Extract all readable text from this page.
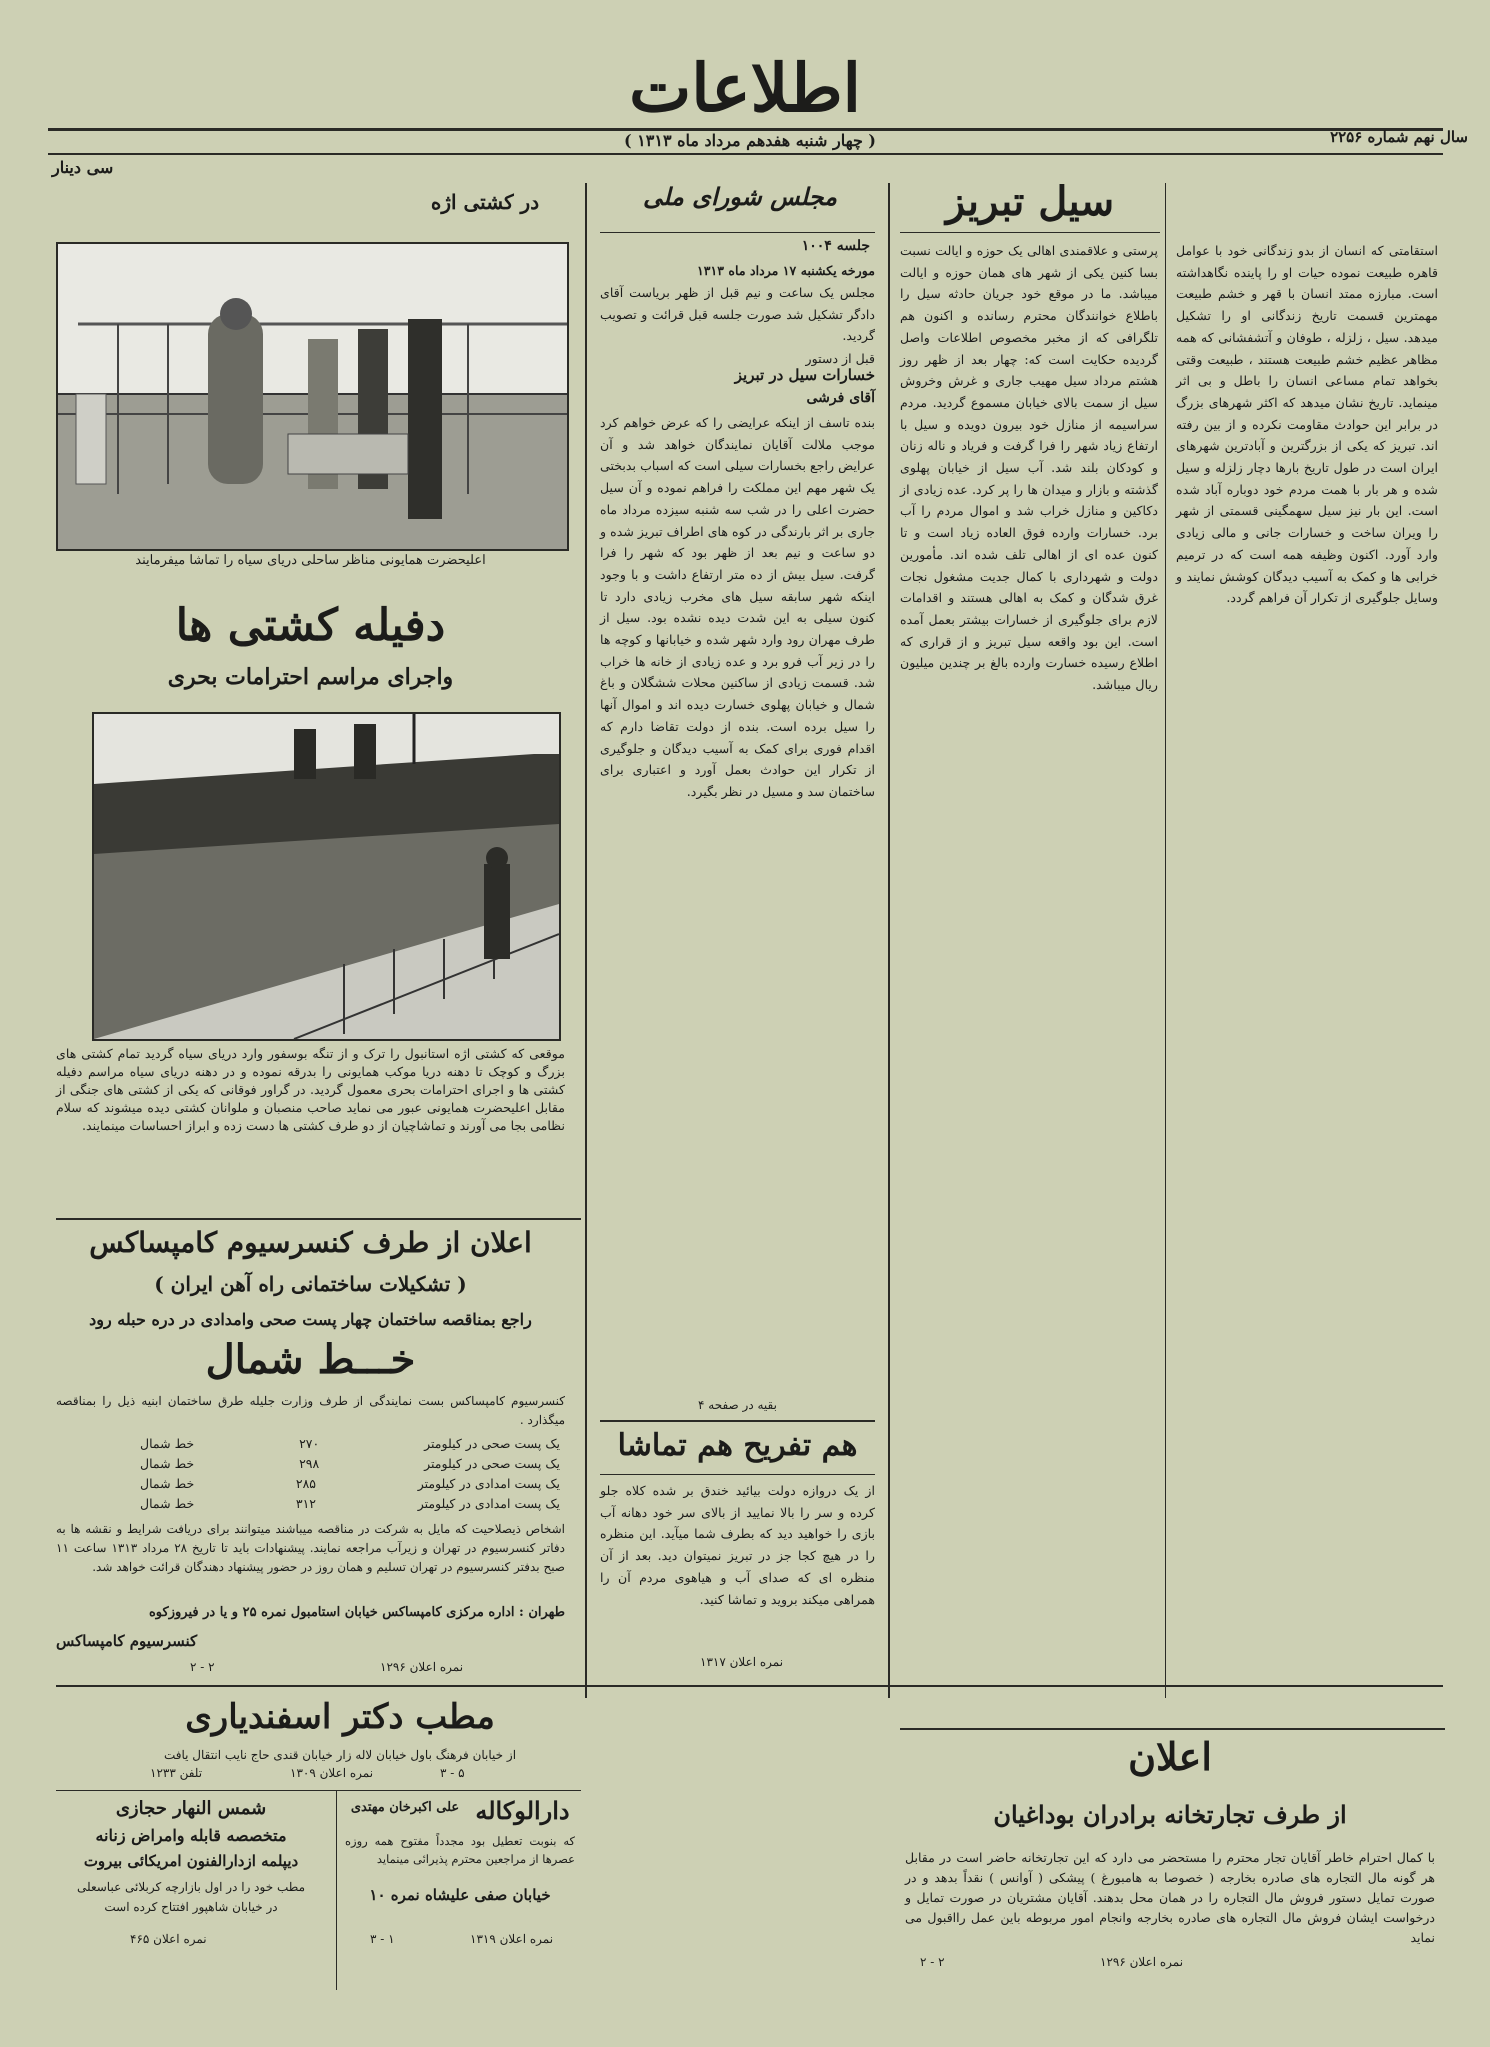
اطلاعات
( چهار شنبه هفدهم مرداد ماه ۱۳۱۳ )	سال نهم شماره ۲۲۵۶
سی دینار
در کشتی اژه
اعلیحضرت همایونی مناظر ساحلی دریای سیاه را تماشا میفرمایند
دفیله کشتی ها
واجرای مراسم احترامات بحری
موقعی که کشتی اژه استانبول را ترک و از تنگه بوسفور وارد دریای سیاه گردید تمام کشتی های بزرگ و کوچک تا دهنه دریا موکب همایونی را بدرقه نموده و در دهنه دریای سیاه مراسم دفیله کشتی ها و اجرای احترامات بحری معمول گردید. در گراور فوقانی که یکی از کشتی های جنگی از مقابل اعلیحضرت همایونی عبور می نماید صاحب منصبان و ملوانان کشتی دیده میشوند که سلام نظامی بجا می آورند و تماشاچیان از دو طرف کشتی ها دست زده و ابراز احساسات مینمایند.
اعلان از طرف کنسرسیوم کامپساکس
( تشکیلات ساختمانی راه آهن ایران )
راجع بمناقصه ساختمان چهار پست صحی وامدادی در دره حبله رود
خـــط شمال
کنسرسیوم کامپساکس بست نمایندگی از طرف وزارت جلیله طرق ساختمان ابنیه ذیل را بمناقصه میگذارد .
یک پست صحی در کیلومتر
۲۷۰
خط شمال
یک پست صحی در کیلومتر
۲۹۸
خط شمال
یک پست امدادی در کیلومتر
۲۸۵
خط شمال
یک پست امدادی در کیلومتر
۳۱۲
خط شمال
اشخاص ذیصلاحیت که مایل به شرکت در مناقصه میباشند میتوانند برای دریافت شرایط و نقشه ها به دفاتر کنسرسیوم در تهران و زیرآب مراجعه نمایند. پیشنهادات باید تا تاریخ ۲۸ مرداد ۱۳۱۳ ساعت ۱۱ صبح بدفتر کنسرسیوم در تهران تسلیم و همان روز در حضور پیشنهاد دهندگان قرائت خواهد شد.
طهران : اداره مرکزی کامپساکس خیابان استامبول نمره ۲۵ و یا در فیروزکوه
کنسرسیوم کامپساکس
نمره اعلان ۱۲۹۶
۲ - ۲
مطب دکتر اسفندیاری
از خیابان فرهنگ باول خیابان لاله زار خیابان قندی حاج نایب انتقال یافت
نمره اعلان ۱۳۰۹
تلفن ۱۲۳۳	۳ - ۵
شمس النهار حجازی
متخصصه قابله وامراض زنانه
دیپلمه ازدارالفنون امریکائی بیروت
مطب خود را در اول بازارچه کربلائی عباسعلی
در خیابان شاهپور افتتاح کرده است
نمره اعلان ۴۶۵
دارالوکاله
علی اکبرخان مهتدی
که بنوبت تعطیل بود مجدداً مفتوح همه روزه عصرها از مراجعین محترم پذیرائی مینماید
خیابان صفی علیشاه نمره ۱۰
نمره اعلان ۱۳۱۹
۳ - ۱
مجلس شورای ملی
جلسه ۱۰۰۴
مورخه یکشنبه ۱۷ مرداد ماه ۱۳۱۳
مجلس یک ساعت و نیم قبل از ظهر بریاست آقای دادگر تشکیل شد صورت جلسه قبل قرائت و تصویب گردید.
قبل از دستور
خسارات سیل در تبریز
آقای فرشی
بنده تاسف از اینکه عرایضی را که عرض خواهم کرد موجب ملالت آقایان نمایندگان خواهد شد و آن عرایض راجع بخسارات سیلی است که اسباب بدبختی یک شهر مهم این مملکت را فراهم نموده و آن سیل حضرت اعلی را در شب سه شنبه سیزده مرداد ماه جاری بر اثر بارندگی در کوه های اطراف تبریز شده و دو ساعت و نیم بعد از ظهر بود که شهر را فرا گرفت. سیل بیش از ده متر ارتفاع داشت و با وجود اینکه شهر سابقه سیل های مخرب زیادی دارد تا کنون سیلی به این شدت دیده نشده بود. سیل از طرف مهران رود وارد شهر شده و خیابانها و کوچه ها را در زیر آب فرو برد و عده زیادی از خانه ها خراب شد. قسمت زیادی از ساکنین محلات ششگلان و باغ شمال و خیابان پهلوی خسارت دیده اند و اموال آنها را سیل برده است. بنده از دولت تقاضا دارم که اقدام فوری برای کمک به آسیب دیدگان و جلوگیری از تکرار این حوادث بعمل آورد و اعتباری برای ساختمان سد و مسیل در نظر بگیرد.
بقیه در صفحه ۴
هم تفریح هم تماشا
از یک دروازه دولت بیائید خندق بر شده کلاه جلو کرده و سر را بالا نمایید از بالای سر خود دهانه آب بازی را خواهید دید که بطرف شما میآید. این منظره را در هیچ کجا جز در تبریز نمیتوان دید. بعد از آن منظره ای که صدای آب و هیاهوی مردم آن را همراهی میکند بروید و تماشا کنید.
نمره اعلان ۱۳۱۷
سیل تبریز
پرستی و علاقمندی اهالی یک حوزه و ایالت نسبت بسا کنین یکی از شهر های همان حوزه و ایالت میباشد. ما در موقع خود جریان حادثه سیل را باطلاع خوانندگان محترم رسانده و اکنون هم تلگرافی که از مخبر مخصوص اطلاعات واصل گردیده حکایت است که: چهار بعد از ظهر روز هشتم مرداد سیل مهیب جاری و غرش وخروش سیل از سمت بالای خیابان مسموع گردید. مردم سراسیمه از منازل خود بیرون دویده و سیل با ارتفاع زیاد شهر را فرا گرفت و فریاد و ناله زنان و کودکان بلند شد. آب سیل از خیابان پهلوی گذشته و بازار و میدان ها را پر کرد. عده زیادی از دکاکین و منازل خراب شد و اموال مردم را آب برد. خسارات وارده فوق العاده زیاد است و تا کنون عده ای از اهالی تلف شده اند. مأمورین دولت و شهرداری با کمال جدیت مشغول نجات غرق شدگان و کمک به اهالی هستند و اقدامات لازم برای جلوگیری از خسارات بیشتر بعمل آمده است. این بود واقعه سیل تبریز و از قراری که اطلاع رسیده خسارت وارده بالغ بر چندین میلیون ریال میباشد.
استقامتی که انسان از بدو زندگانی خود با عوامل قاهره طبیعت نموده حیات او را پاینده نگاهداشته است. مبارزه ممتد انسان با قهر و خشم طبیعت مهمترین قسمت تاریخ زندگانی او را تشکیل میدهد. سیل ، زلزله ، طوفان و آتشفشانی که همه مظاهر عظیم خشم طبیعت هستند ، طبیعت وقتی بخواهد تمام مساعی انسان را باطل و بی اثر مینماید. تاریخ نشان میدهد که اکثر شهرهای بزرگ در برابر این حوادث مقاومت نکرده و از بین رفته اند. تبریز که یکی از بزرگترین و آبادترین شهرهای ایران است در طول تاریخ بارها دچار زلزله و سیل شده و هر بار با همت مردم خود دوباره آباد شده است. این بار نیز سیل سهمگینی قسمتی از شهر را ویران ساخت و خسارات جانی و مالی زیادی وارد آورد. اکنون وظیفه همه است که در ترمیم خرابی ها و کمک به آسیب دیدگان کوشش نمایند و وسایل جلوگیری از تکرار آن فراهم گردد.
اعلان
از طرف تجارتخانه برادران بوداغیان
با کمال احترام خاطر آقایان تجار محترم را مستحضر می دارد که این تجارتخانه حاضر است در مقابل هر گونه مال التجاره های صادره بخارجه ( خصوصا به هامبورغ ) پیشکی ( آوانس ) نقداً بدهد و در صورت تمایل دستور فروش مال التجاره را در همان محل بدهند. آقایان مشتریان در صورت تمایل و درخواست ایشان فروش مال التجاره های صادره بخارجه وانجام امور مربوطه باین عمل رااقبول می نماید
نمره اعلان ۱۲۹۶
۲ - ۲
